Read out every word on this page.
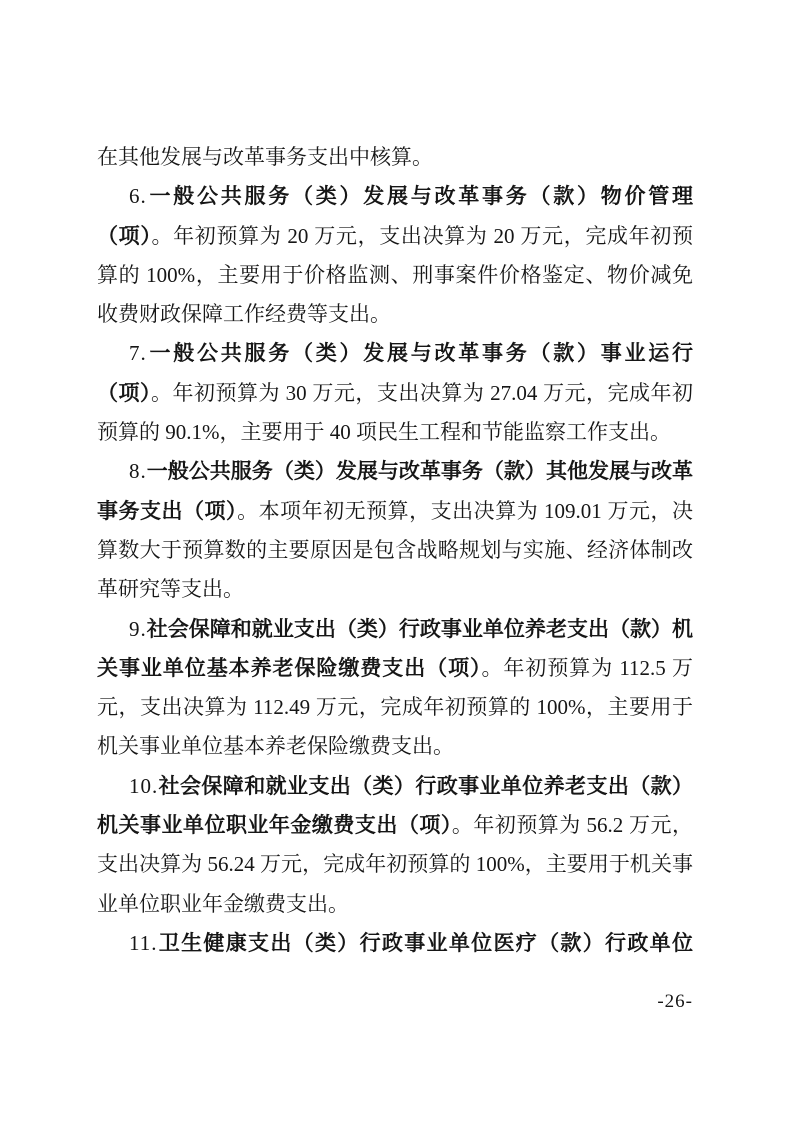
在其他发展与改革事务支出中核算。

6.一般公共服务（类）发展与改革事务（款）物价管理（项）。年初预算为 20 万元，支出决算为 20 万元，完成年初预算的 100%，主要用于价格监测、刑事案件价格鉴定、物价减免收费财政保障工作经费等支出。

7.一般公共服务（类）发展与改革事务（款）事业运行（项）。年初预算为 30 万元，支出决算为 27.04 万元，完成年初预算的 90.1%，主要用于 40 项民生工程和节能监察工作支出。

8.一般公共服务（类）发展与改革事务（款）其他发展与改革事务支出（项）。本项年初无预算，支出决算为 109.01 万元，决算数大于预算数的主要原因是包含战略规划与实施、经济体制改革研究等支出。

9.社会保障和就业支出（类）行政事业单位养老支出（款）机关事业单位基本养老保险缴费支出（项）。年初预算为 112.5 万元，支出决算为 112.49 万元，完成年初预算的 100%，主要用于机关事业单位基本养老保险缴费支出。

10.社会保障和就业支出（类）行政事业单位养老支出（款）机关事业单位职业年金缴费支出（项）。年初预算为 56.2 万元，支出决算为 56.24 万元，完成年初预算的 100%，主要用于机关事业单位职业年金缴费支出。

11.卫生健康支出（类）行政事业单位医疗（款）行政单位

-26-
